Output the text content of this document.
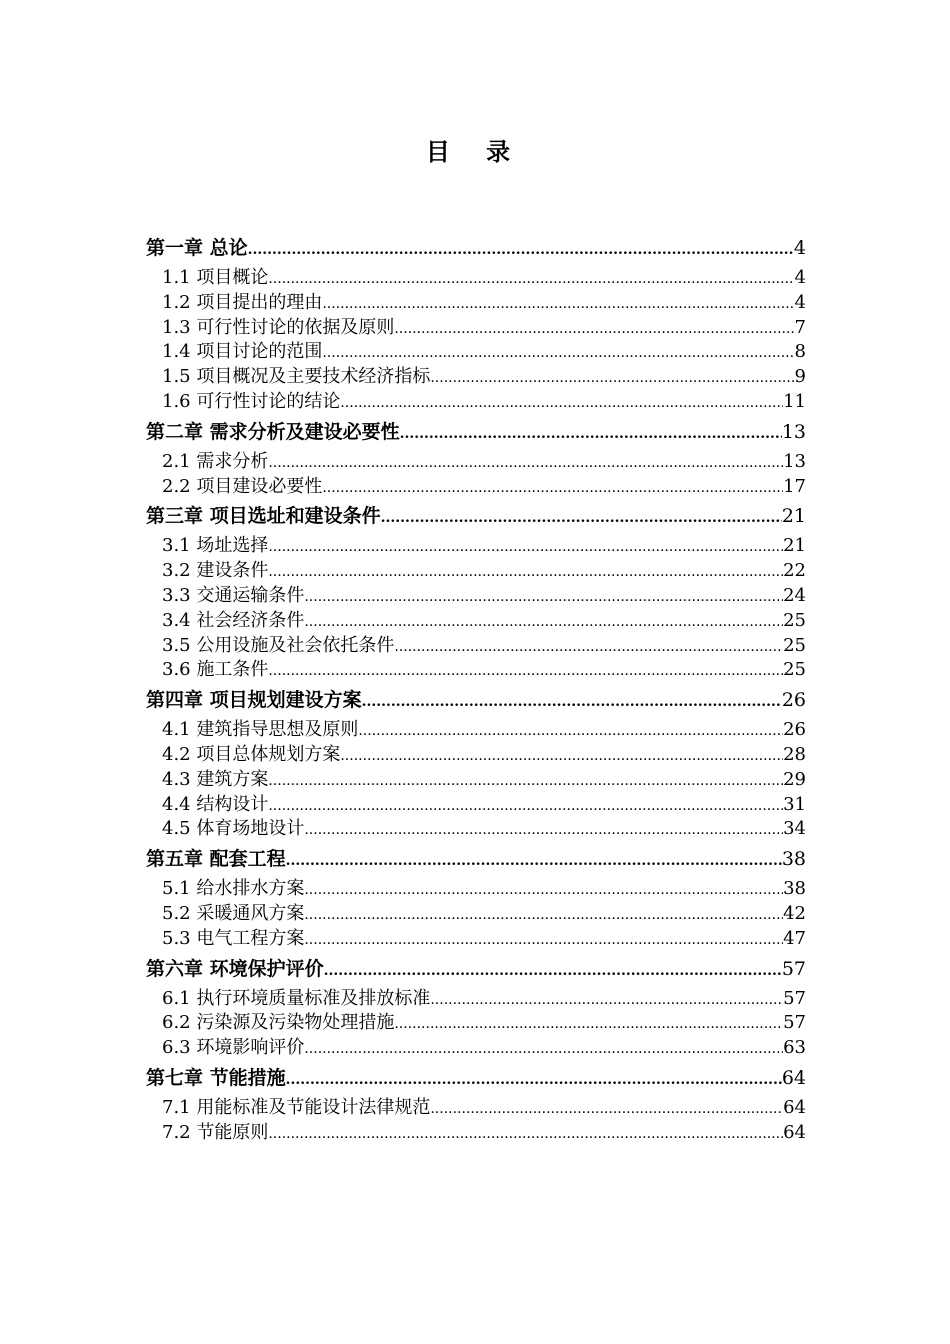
目 录
第一章 总论 .....	4
1.1 项目概论 .....	4
1.2 项目提出的理由 .....	4
1.3 可行性讨论的依据及原则 .....	7
1.4 项目讨论的范围 .....	8
1.5 项目概况及主要技术经济指标 .....	9
1.6 可行性讨论的结论 .....	11
第二章 需求分析及建设必要性 .....	13
2.1 需求分析 .....	13
2.2 项目建设必要性 .....	17
第三章 项目选址和建设条件 .....	21
3.1 场址选择 .....	21
3.2 建设条件 .....	22
3.3 交通运输条件 .....	24
3.4 社会经济条件 .....	25
3.5 公用设施及社会依托条件 .....	25
3.6 施工条件 .....	25
第四章 项目规划建设方案 .....	26
4.1 建筑指导思想及原则 .....	26
4.2 项目总体规划方案 .....	28
4.3 建筑方案 .....	29
4.4 结构设计 .....	31
4.5 体育场地设计 .....	34
第五章 配套工程 .....	38
5.1 给水排水方案 .....	38
5.2 采暖通风方案 .....	42
5.3 电气工程方案 .....	47
第六章 环境保护评价 .....	57
6.1 执行环境质量标准及排放标准 .....	57
6.2 污染源及污染物处理措施 .....	57
6.3 环境影响评价 .....	63
第七章 节能措施 .....	64
7.1 用能标准及节能设计法律规范 .....	64
7.2 节能原则 .....	64
